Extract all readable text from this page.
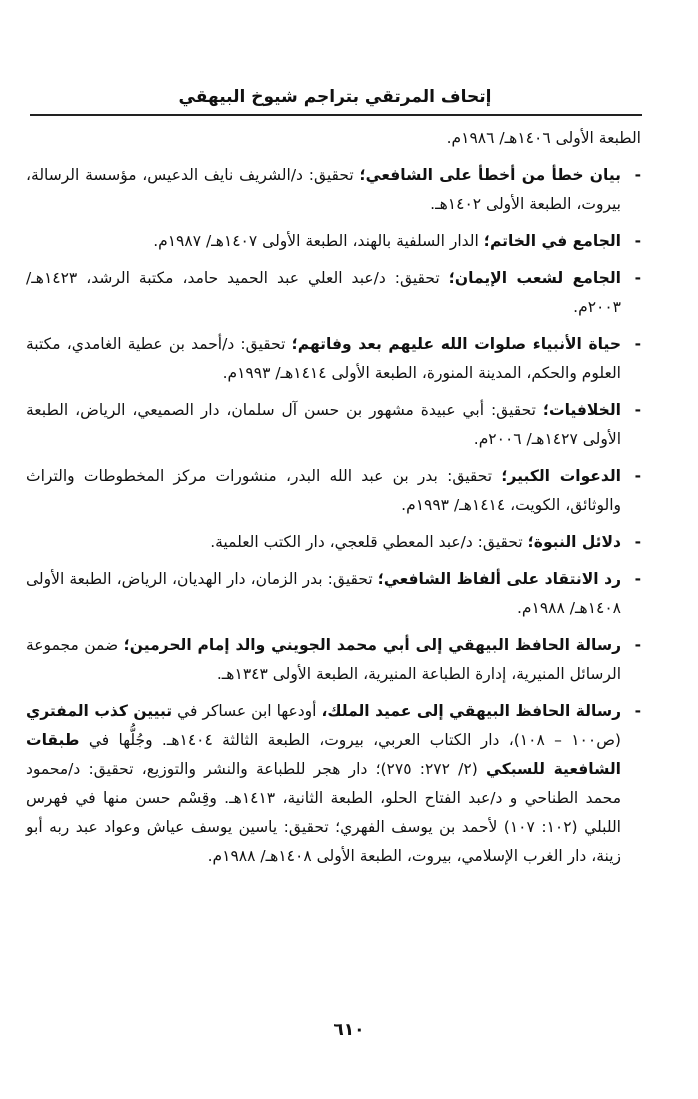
إتحاف المرتقي بتراجم شيوخ البيهقي

الطبعة الأولى ١٤٠٦هـ/ ١٩٨٦م.

-
بيان خطأ من أخطأ على الشافعي؛ تحقيق: د/الشريف نايف الدعيس، مؤسسة الرسالة، بيروت، الطبعة الأولى ١٤٠٢هـ.

-
الجامع في الخاتم؛ الدار السلفية بالهند، الطبعة الأولى ١٤٠٧هـ/ ١٩٨٧م.

-
الجامع لشعب الإيمان؛ تحقيق: د/عبد العلي عبد الحميد حامد، مكتبة الرشد، ١٤٢٣هـ/ ٢٠٠٣م.

-
حياة الأنبياء صلوات الله عليهم بعد وفاتهم؛ تحقيق: د/أحمد بن عطية الغامدي، مكتبة العلوم والحكم، المدينة المنورة، الطبعة الأولى ١٤١٤هـ/ ١٩٩٣م.

-
الخلافيات؛ تحقيق: أبي عبيدة مشهور بن حسن آل سلمان، دار الصميعي، الرياض، الطبعة الأولى ١٤٢٧هـ/ ٢٠٠٦م.

-
الدعوات الكبير؛ تحقيق: بدر بن عبد الله البدر، منشورات مركز المخطوطات والتراث والوثائق، الكويت، ١٤١٤هـ/ ١٩٩٣م.

-
دلائل النبوة؛ تحقيق: د/عبد المعطي قلعجي، دار الكتب العلمية.

-
رد الانتقاد على ألفاظ الشافعي؛ تحقيق: بدر الزمان، دار الهديان، الرياض، الطبعة الأولى ١٤٠٨هـ/ ١٩٨٨م.

-
رسالة الحافظ البيهقي إلى أبي محمد الجويني والد إمام الحرمين؛ ضمن مجموعة الرسائل المنيرية، إدارة الطباعة المنيرية، الطبعة الأولى ١٣٤٣هـ.

-
رسالة الحافظ البيهقي إلى عميد الملك، أودعها ابن عساكر في تبيين كذب المفتري (ص١٠٠ – ١٠٨)، دار الكتاب العربي، بيروت، الطبعة الثالثة ١٤٠٤هـ. وجُلُّها في طبقات الشافعية للسبكي (٢/ ٢٧٢: ٢٧٥)؛ دار هجر للطباعة والنشر والتوزيع، تحقيق: د/محمود محمد الطناحي و د/عبد الفتاح الحلو، الطبعة الثانية، ١٤١٣هـ. وقِسْم حسن منها في فهرس اللبلي (١٠٢: ١٠٧) لأحمد بن يوسف الفهري؛ تحقيق: ياسين يوسف عياش وعواد عبد ربه أبو زينة، دار الغرب الإسلامي، بيروت، الطبعة الأولى ١٤٠٨هـ/ ١٩٨٨م.

٦١٠
